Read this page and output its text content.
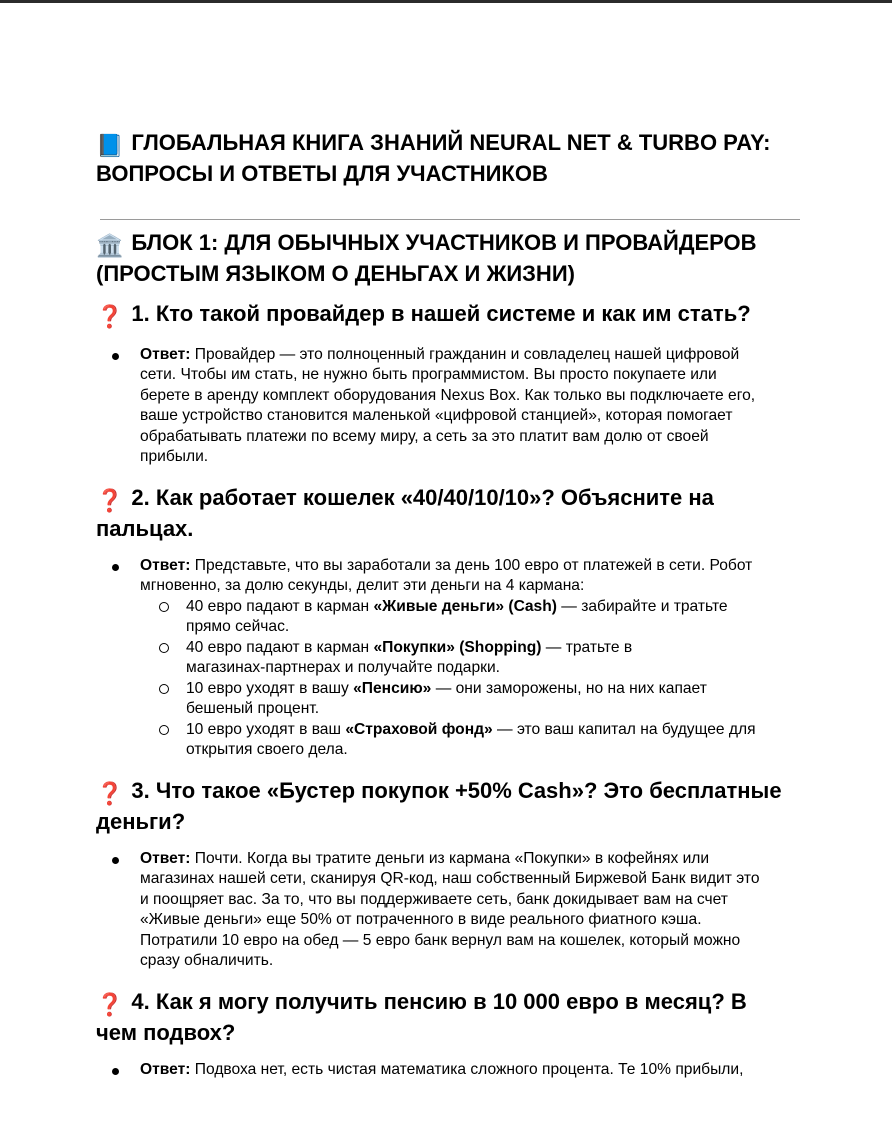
📘 ГЛОБАЛЬНАЯ КНИГА ЗНАНИЙ NEURAL NET & TURBO PAY:
ВОПРОСЫ И ОТВЕТЫ ДЛЯ УЧАСТНИКОВ
🏛️ БЛОК 1: ДЛЯ ОБЫЧНЫХ УЧАСТНИКОВ И ПРОВАЙДЕРОВ
(ПРОСТЫМ ЯЗЫКОМ О ДЕНЬГАХ И ЖИЗНИ)
❓ 1. Кто такой провайдер в нашей системе и как им стать?

Ответ: Провайдер — это полноценный гражданин и совладелец нашей цифровой
сети. Чтобы им стать, не нужно быть программистом. Вы просто покупаете или
берете в аренду комплект оборудования Nexus Box. Как только вы подключаете его,
ваше устройство становится маленькой «цифровой станцией», которая помогает
обрабатывать платежи по всему миру, а сеть за это платит вам долю от своей
прибыли.

❓ 2. Как работает кошелек «40/40/10/10»? Объясните на
пальцах.

Ответ: Представьте, что вы заработали за день 100 евро от платежей в сети. Робот
мгновенно, за долю секунды, делит эти деньги на 4 кармана:

40 евро падают в карман «Живые деньги» (Cash) — забирайте и тратьте
прямо сейчас.

40 евро падают в карман «Покупки» (Shopping) — тратьте в
магазинах-партнерах и получайте подарки.

10 евро уходят в вашу «Пенсию» — они заморожены, но на них капает
бешеный процент.

10 евро уходят в ваш «Страховой фонд» — это ваш капитал на будущее для
открытия своего дела.

❓ 3. Что такое «Бустер покупок +50% Cash»? Это бесплатные
деньги?

Ответ: Почти. Когда вы тратите деньги из кармана «Покупки» в кофейнях или
магазинах нашей сети, сканируя QR-код, наш собственный Биржевой Банк видит это
и поощряет вас. За то, что вы поддерживаете сеть, банк докидывает вам на счет
«Живые деньги» еще 50% от потраченного в виде реального фиатного кэша.
Потратили 10 евро на обед — 5 евро банк вернул вам на кошелек, который можно
сразу обналичить.

❓ 4. Как я могу получить пенсию в 10 000 евро в месяц? В
чем подвох?

Ответ: Подвоха нет, есть чистая математика сложного процента. Те 10% прибыли,
